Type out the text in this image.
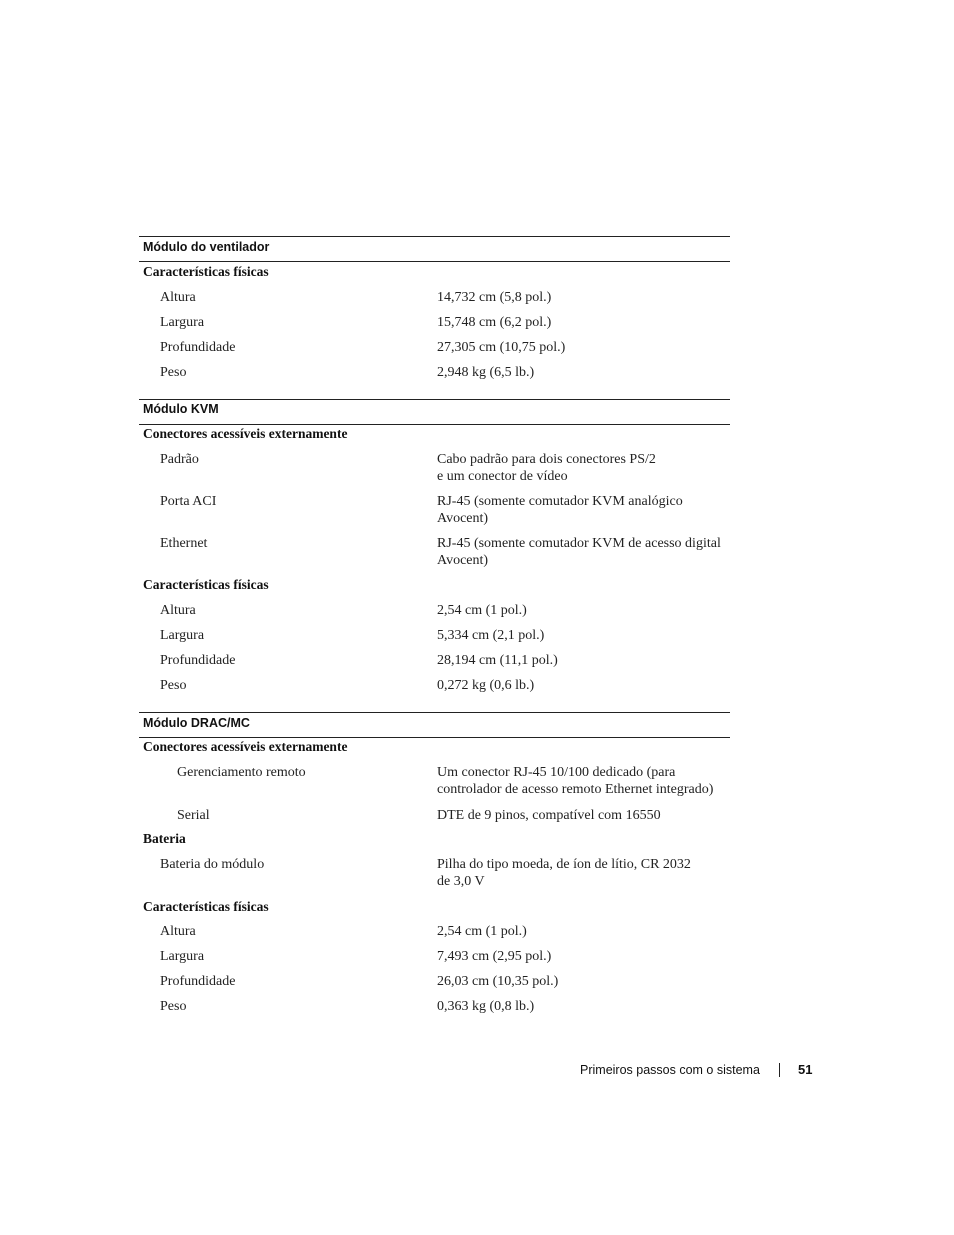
Módulo do ventilador
Características físicas
Altura	14,732 cm (5,8 pol.)
Largura	15,748 cm (6,2 pol.)
Profundidade	27,305 cm (10,75 pol.)
Peso	2,948 kg (6,5 lb.)
Módulo KVM
Conectores acessíveis externamente
Padrão	Cabo padrão para dois conectores PS/2
e um conector de vídeo
Porta ACI	RJ-45 (somente comutador KVM analógico
Avocent)
Ethernet	RJ-45 (somente comutador KVM de acesso digital
Avocent)
Características físicas
Altura	2,54 cm (1 pol.)
Largura	5,334 cm (2,1 pol.)
Profundidade	28,194 cm (11,1 pol.)
Peso	0,272 kg (0,6 lb.)
Módulo DRAC/MC
Conectores acessíveis externamente
Gerenciamento remoto	Um conector RJ-45 10/100 dedicado (para
controlador de acesso remoto Ethernet integrado)
Serial	DTE de 9 pinos, compatível com 16550
Bateria
Bateria do módulo	Pilha do tipo moeda, de íon de lítio, CR 2032
de 3,0 V
Características físicas
Altura	2,54 cm (1 pol.)
Largura	7,493 cm (2,95 pol.)
Profundidade	26,03 cm (10,35 pol.)
Peso	0,363 kg (0,8 lb.)
Primeiros passos com o sistema	51
